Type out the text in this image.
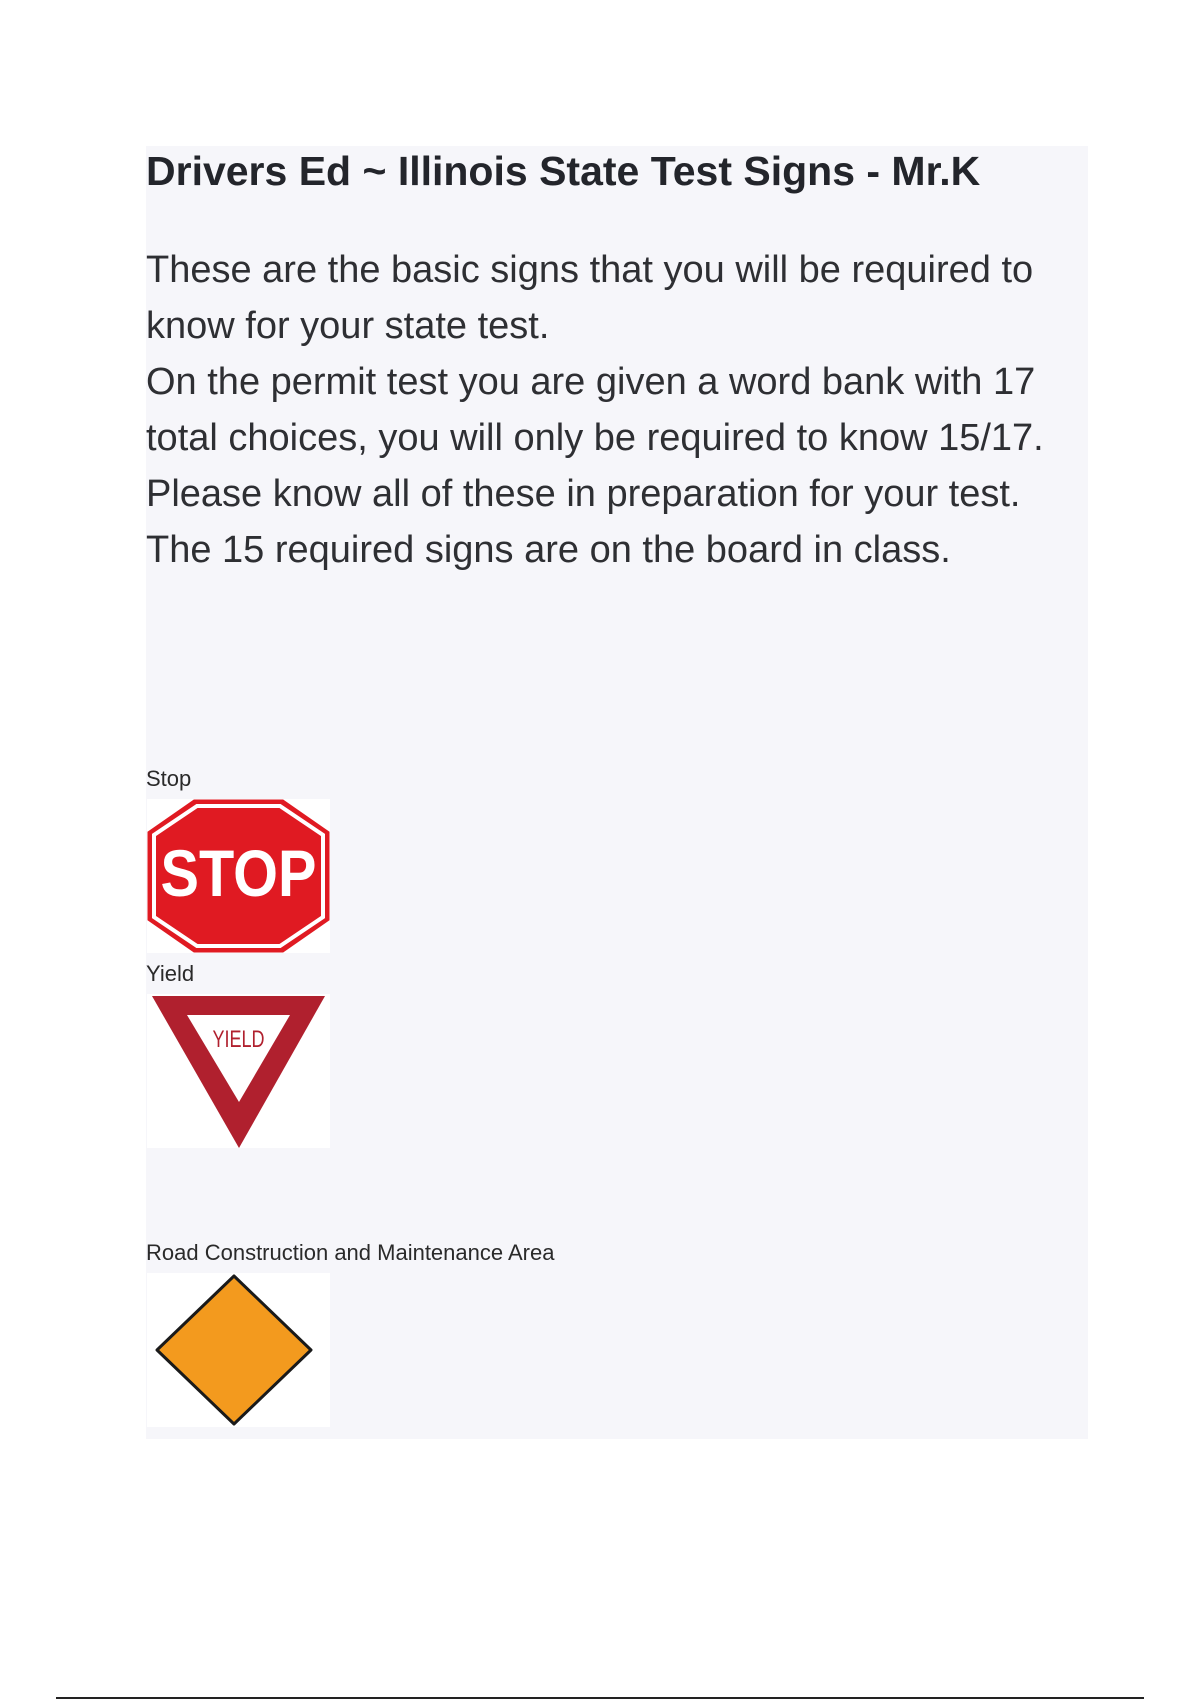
Drivers Ed ~ Illinois State Test Signs - Mr.K

These are the basic signs that you will be required to know for your state test.

On the permit test you are given a word bank with 17 total choices, you will only be required to know 15/17. Please know all of these in preparation for your test.

The 15 required signs are on the board in class.

Stop
STOP
Yield
YIELD
Road Construction and Maintenance Area
